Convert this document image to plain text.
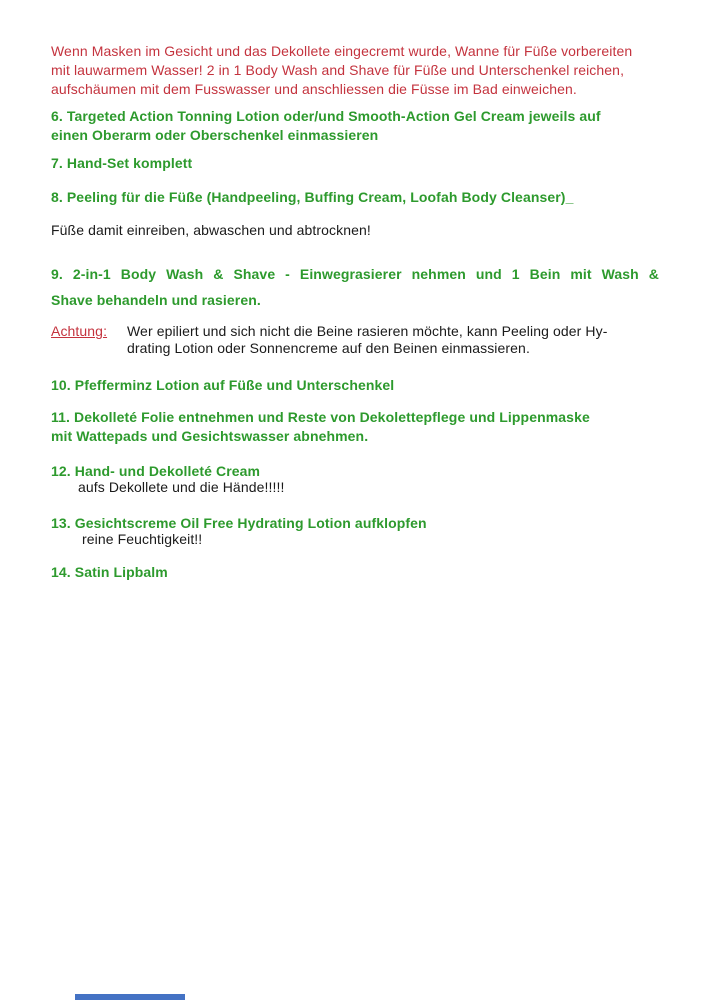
Wenn Masken im Gesicht und das Dekollete eingecremt wurde, Wanne für Füße vorbereiten
mit lauwarmem Wasser! 2 in 1 Body Wash and Shave für Füße und Unterschenkel reichen,
aufschäumen mit dem Fusswasser und anschliessen die Füsse im Bad einweichen.
6. Targeted Action Tonning Lotion oder/und Smooth-Action Gel Cream jeweils auf
einen Oberarm oder Oberschenkel einmassieren
7. Hand-Set komplett
8. Peeling für die Füße (Handpeeling, Buffing Cream, Loofah Body Cleanser)_
Füße damit einreiben, abwaschen und abtrocknen!
9. 2-in-1 Body Wash & Shave - Einwegrasierer nehmen und 1 Bein mit Wash &
Shave behandeln und rasieren.
Achtung: Wer epiliert und sich nicht die Beine rasieren möchte, kann Peeling oder Hy-
drating Lotion oder Sonnencreme auf den Beinen einmassieren.
10. Pfefferminz Lotion auf Füße und Unterschenkel
11. Dekolleté Folie entnehmen und Reste von Dekolettepflege und Lippenmaske
mit Wattepads und Gesichtswasser abnehmen.
12. Hand- und Dekolleté Cream
aufs Dekollete und die Hände!!!!!
13. Gesichtscreme Oil Free Hydrating Lotion aufklopfen
reine Feuchtigkeit!!
14. Satin Lipbalm
